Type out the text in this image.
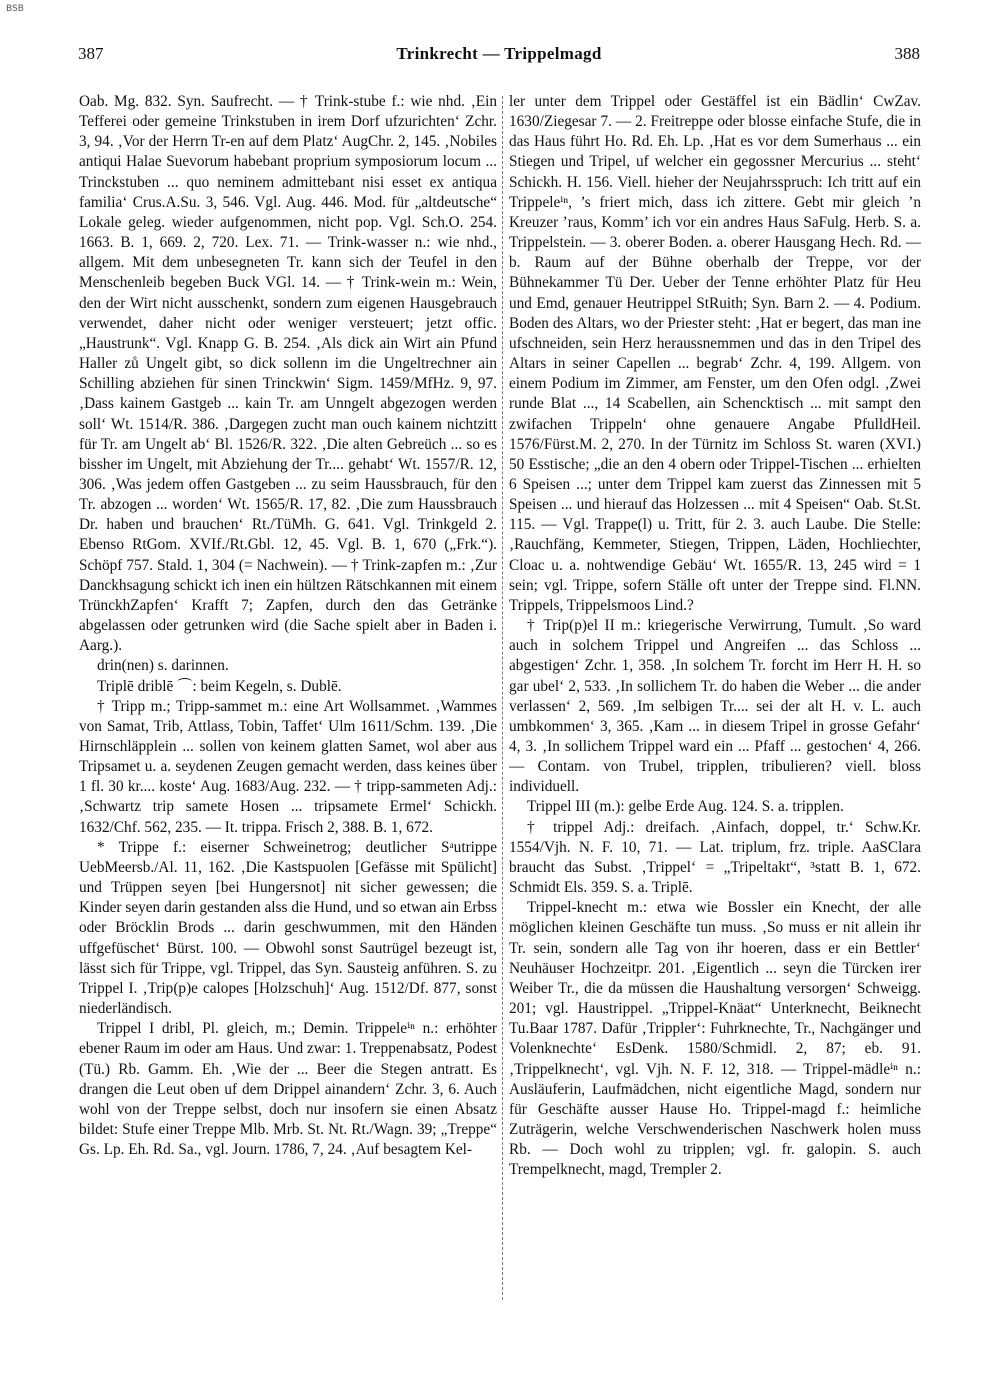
BSB
387	Trinkrecht — Trippelmagd	388

Oab. Mg. 832. Syn. Saufrecht. — † Trink-stube f.: wie nhd. ‚Ein Tefferei oder gemeine Trinkstuben in irem Dorf ufzurichten‘ Zchr. 3, 94. ‚Vor der Herrn Tr-en auf dem Platz‘ AugChr. 2, 145. ‚Nobiles antiqui Halae Suevorum habebant proprium symposiorum locum ... Trinckstuben ... quo neminem admittebant nisi esset ex antiqua familia‘ Crus.A.Su. 3, 546. Vgl. Aug. 446. Mod. für „altdeutsche“ Lokale geleg. wieder aufgenommen, nicht pop. Vgl. Sch.O. 254. 1663. B. 1, 669. 2, 720. Lex. 71. — Trink-wasser n.: wie nhd., allgem. Mit dem unbesegneten Tr. kann sich der Teufel in den Menschenleib begeben Buck VGl. 14. — † Trink-wein m.: Wein, den der Wirt nicht ausschenkt, sondern zum eigenen Hausgebrauch verwendet, daher nicht oder weniger versteuert; jetzt offic. „Haustrunk“. Vgl. Knapp G. B. 254. ‚Als dick ain Wirt ain Pfund Haller zů Ungelt gibt, so dick sollenn im die Ungeltrechner ain Schilling abziehen für sinen Trinckwin‘ Sigm. 1459/MfHz. 9, 97. ‚Dass kainem Gastgeb ... kain Tr. am Unngelt abgezogen werden soll‘ Wt. 1514/R. 386. ‚Dargegen zucht man ouch kainem nichtzitt für Tr. am Ungelt ab‘ Bl. 1526/R. 322. ‚Die alten Gebreüch ... so es bissher im Ungelt, mit Abziehung der Tr.... gehabt‘ Wt. 1557/R. 12, 306. ‚Was jedem offen Gastgeben ... zu seim Haussbrauch, für den Tr. abzogen ... worden‘ Wt. 1565/R. 17, 82. ‚Die zum Haussbrauch Dr. haben und brauchen‘ Rt./TüMh. G. 641. Vgl. Trinkgeld 2. Ebenso RtGom. XVIf./Rt.Gbl. 12, 45. Vgl. B. 1, 670 („Frk.“). Schöpf 757. Stald. 1, 304 (= Nachwein). — † Trink-zapfen m.: ‚Zur Danckhsagung schickt ich inen ein hültzen Rätschkannen mit einem TrünckhZapfen‘ Krafft 7; Zapfen, durch den das Getränke abgelassen oder getrunken wird (die Sache spielt aber in Baden i. Aarg.).

drin(nen) s. darinnen.

Triplē driblē ⌒: beim Kegeln, s. Dublē.

† Tripp m.; Tripp-sammet m.: eine Art Wollsammet. ‚Wammes von Samat, Trib, Attlass, Tobin, Taffet‘ Ulm 1611/Schm. 139. ‚Die Hirnschläpplein ... sollen von keinem glatten Samet, wol aber aus Tripsamet u. a. seydenen Zeugen gemacht werden, dass keines über 1 fl. 30 kr.... koste‘ Aug. 1683/Aug. 232. — † tripp-sammeten Adj.: ‚Schwartz trip samete Hosen ... tripsamete Ermel‘ Schickh. 1632/Chf. 562, 235. — It. trippa. Frisch 2, 388. B. 1, 672.

* Trippe f.: eiserner Schweinetrog; deutlicher Sᵃutrippe UebMeersb./Al. 11, 162. ‚Die Kastspuolen [Gefässe mit Spülicht] und Trüppen seyen [bei Hungersnot] nit sicher gewessen; die Kinder seyen darin gestanden alss die Hund, und so etwan ain Erbss oder Bröcklin Brods ... darin geschwummen, mit den Händen uffgefüschet‘ Bürst. 100. — Obwohl sonst Sautrügel bezeugt ist, lässt sich für Trippe, vgl. Trippel, das Syn. Sausteig anführen. S. zu Trippel I. ‚Trip(p)e calopes [Holzschuh]‘ Aug. 1512/Df. 877, sonst niederländisch.

Trippel I dribl, Pl. gleich, m.; Demin. Trippeleⁱⁿ n.: erhöhter ebener Raum im oder am Haus. Und zwar: 1. Treppenabsatz, Podest (Tü.) Rb. Gamm. Eh. ‚Wie der ... Beer die Stegen antratt. Es drangen die Leut oben uf dem Drippel ainandern‘ Zchr. 3, 6. Auch wohl von der Treppe selbst, doch nur insofern sie einen Absatz bildet: Stufe einer Treppe Mlb. Mrb. St. Nt. Rt./Wagn. 39; „Treppe“ Gs. Lp. Eh. Rd. Sa., vgl. Journ. 1786, 7, 24. ‚Auf besagtem Kel-

ler unter dem Trippel oder Gestäffel ist ein Bädlin‘ CwZav. 1630/Ziegesar 7. — 2. Freitreppe oder blosse einfache Stufe, die in das Haus führt Ho. Rd. Eh. Lp. ‚Hat es vor dem Sumerhaus ... ein Stiegen und Tripel, uf welcher ein gegossner Mercurius ... steht‘ Schickh. H. 156. Viell. hieher der Neujahrsspruch: Ich tritt auf ein Trippeleⁱⁿ, ’s friert mich, dass ich zittere. Gebt mir gleich ’n Kreuzer ’raus, Komm’ ich vor ein andres Haus SaFulg. Herb. S. a. Trippelstein. — 3. oberer Boden. a. oberer Hausgang Hech. Rd. — b. Raum auf der Bühne oberhalb der Treppe, vor der Bühnekammer Tü Der. Ueber der Tenne erhöhter Platz für Heu und Emd, genauer Heutrippel StRuith; Syn. Barn 2. — 4. Podium. Boden des Altars, wo der Priester steht: ‚Hat er begert, das man ine ufschneiden, sein Herz heraussnemmen und das in den Tripel des Altars in seiner Capellen ... begrab‘ Zchr. 4, 199. Allgem. von einem Podium im Zimmer, am Fenster, um den Ofen odgl. ‚Zwei runde Blat ..., 14 Scabellen, ain Schencktisch ... mit sampt den zwifachen Trippeln‘ ohne genauere Angabe PfulldHeil. 1576/Fürst.M. 2, 270. In der Türnitz im Schloss St. waren (XVI.) 50 Esstische; „die an den 4 obern oder Trippel-Tischen ... erhielten 6 Speisen ...; unter dem Trippel kam zuerst das Zinnessen mit 5 Speisen ... und hierauf das Holzessen ... mit 4 Speisen“ Oab. St.St. 115. — Vgl. Trappe(l) u. Tritt, für 2. 3. auch Laube. Die Stelle: ‚Rauchfäng, Kemmeter, Stiegen, Trippen, Läden, Hochliechter, Cloac u. a. nohtwendige Gebäu‘ Wt. 1655/R. 13, 245 wird = 1 sein; vgl. Trippe, sofern Ställe oft unter der Treppe sind. Fl.NN. Trippels, Trippelsmoos Lind.?

† Trip(p)el II m.: kriegerische Verwirrung, Tumult. ‚So ward auch in solchem Trippel und Angreifen ... das Schloss ... abgestigen‘ Zchr. 1, 358. ‚In solchem Tr. forcht im Herr H. H. so gar ubel‘ 2, 533. ‚In sollichem Tr. do haben die Weber ... die ander verlassen‘ 2, 569. ‚Im selbigen Tr.... sei der alt H. v. L. auch umbkommen‘ 3, 365. ‚Kam ... in diesem Tripel in grosse Gefahr‘ 4, 3. ‚In sollichem Trippel ward ein ... Pfaff ... gestochen‘ 4, 266. — Contam. von Trubel, tripplen, tribulieren? viell. bloss individuell.

Trippel III (m.): gelbe Erde Aug. 124. S. a. tripplen.

† trippel Adj.: dreifach. ‚Ainfach, doppel, tr.‘ Schw.Kr. 1554/Vjh. N. F. 10, 71. — Lat. triplum, frz. triple. AaSClara braucht das Subst. ‚Trippel‘ = „Tripeltakt“, ³statt B. 1, 672. Schmidt Els. 359. S. a. Triplē.

Trippel-knecht m.: etwa wie Bossler ein Knecht, der alle möglichen kleinen Geschäfte tun muss. ‚So muss er nit allein ihr Tr. sein, sondern alle Tag von ihr hoeren, dass er ein Bettler‘ Neuhäuser Hochzeitpr. 201. ‚Eigentlich ... seyn die Türcken irer Weiber Tr., die da müssen die Haushaltung versorgen‘ Schweigg. 201; vgl. Haustrippel. „Trippel-Knäat“ Unterknecht, Beiknecht Tu.Baar 1787. Dafür ‚Trippler‘: Fuhrknechte, Tr., Nachgänger und Volenknechte‘ EsDenk. 1580/Schmidl. 2, 87; eb. 91. ‚Trippelknecht‘, vgl. Vjh. N. F. 12, 318. — Trippel-mädleⁱⁿ n.: Ausläuferin, Laufmädchen, nicht eigentliche Magd, sondern nur für Geschäfte ausser Hause Ho. Trippel-magd f.: heimliche Zuträgerin, welche Verschwenderischen Naschwerk holen muss Rb. — Doch wohl zu tripplen; vgl. fr. galopin. S. auch Trempelknecht, magd, Trempler 2.
